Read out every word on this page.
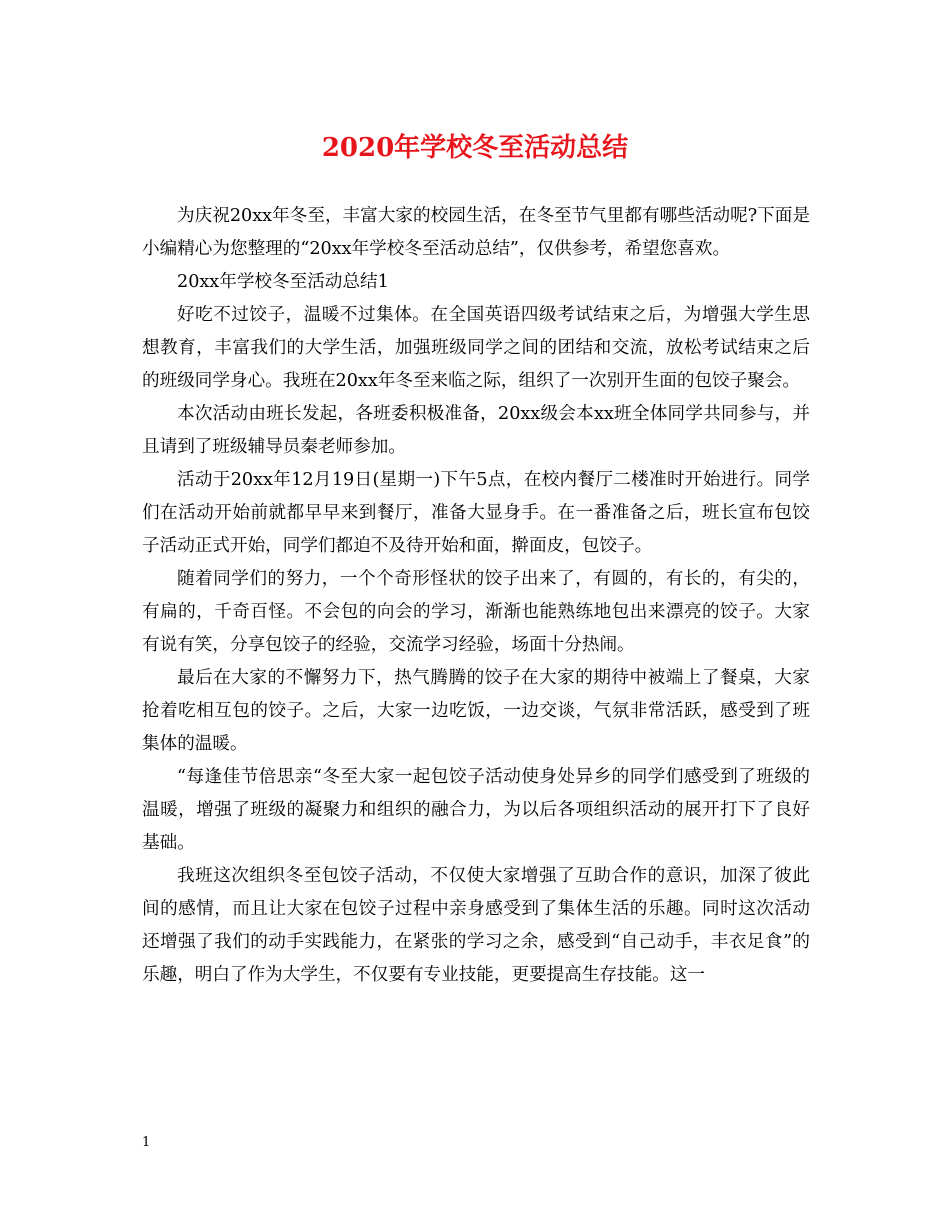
2020年学校冬至活动总结

为庆祝20xx年冬至，丰富大家的校园生活，在冬至节气里都有哪些活动呢?下面是小编精心为您整理的“20xx年学校冬至活动总结”，仅供参考，希望您喜欢。

20xx年学校冬至活动总结1

好吃不过饺子，温暖不过集体。在全国英语四级考试结束之后，为增强大学生思想教育，丰富我们的大学生活，加强班级同学之间的团结和交流，放松考试结束之后的班级同学身心。我班在20xx年冬至来临之际，组织了一次别开生面的包饺子聚会。

本次活动由班长发起，各班委积极准备，20xx级会本xx班全体同学共同参与，并且请到了班级辅导员秦老师参加。

活动于20xx年12月19日(星期一)下午5点，在校内餐厅二楼准时开始进行。同学们在活动开始前就都早早来到餐厅，准备大显身手。在一番准备之后，班长宣布包饺子活动正式开始，同学们都迫不及待开始和面，擀面皮，包饺子。

随着同学们的努力，一个个奇形怪状的饺子出来了，有圆的，有长的，有尖的，有扁的，千奇百怪。不会包的向会的学习，渐渐也能熟练地包出来漂亮的饺子。大家有说有笑，分享包饺子的经验，交流学习经验，场面十分热闹。

最后在大家的不懈努力下，热气腾腾的饺子在大家的期待中被端上了餐桌，大家抢着吃相互包的饺子。之后，大家一边吃饭，一边交谈，气氛非常活跃，感受到了班集体的温暖。

“每逢佳节倍思亲“冬至大家一起包饺子活动使身处异乡的同学们感受到了班级的温暖，增强了班级的凝聚力和组织的融合力，为以后各项组织活动的展开打下了良好基础。

我班这次组织冬至包饺子活动，不仅使大家增强了互助合作的意识，加深了彼此间的感情，而且让大家在包饺子过程中亲身感受到了集体生活的乐趣。同时这次活动还增强了我们的动手实践能力，在紧张的学习之余，感受到“自己动手，丰衣足食”的乐趣，明白了作为大学生，不仅要有专业技能，更要提高生存技能。这一

1
